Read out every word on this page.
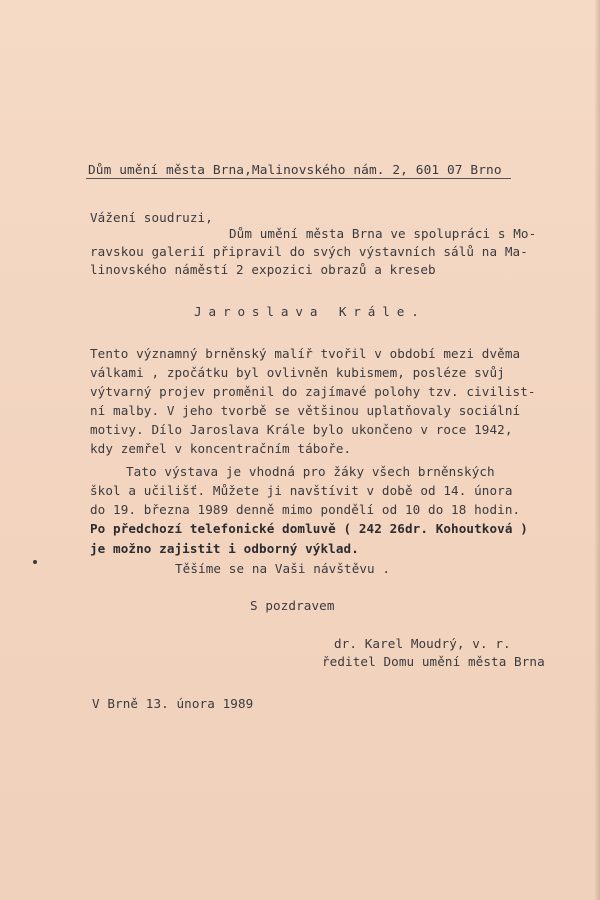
Dům umění města Brna,Malinovského nám. 2, 601 07 Brno
Vážení soudruzi,
Dům umění města Brna ve spolupráci s Mo-
ravskou galerií připravil do svých výstavních sálů na Ma-
linovského náměstí 2 expozici obrazů a kreseb
Jaroslava Krále.
Tento významný brněnský malíř tvořil v období mezi dvěma
válkami , zpočátku byl ovlivněn kubismem, posléze svůj
výtvarný projev proměnil do zajímavé polohy tzv. civilist-
ní malby. V jeho tvorbě se většinou uplatňovaly sociální
motivy. Dílo Jaroslava Krále bylo ukončeno v roce 1942,
kdy zemřel v koncentračním táboře.
Tato výstava je vhodná pro žáky všech brněnských
škol a učilišť. Můžete ji navštívit v době od 14. února
do 19. března 1989 denně mimo pondělí od 10 do 18 hodin.
Po předchozí telefonické domluvě ( 242 26dr. Kohoutková )
je možno zajistit i odborný výklad.
Těšíme se na Vaši návštěvu .
S pozdravem
dr. Karel Moudrý, v. r.
ředitel Domu umění města Brna
V Brně 13. února 1989
